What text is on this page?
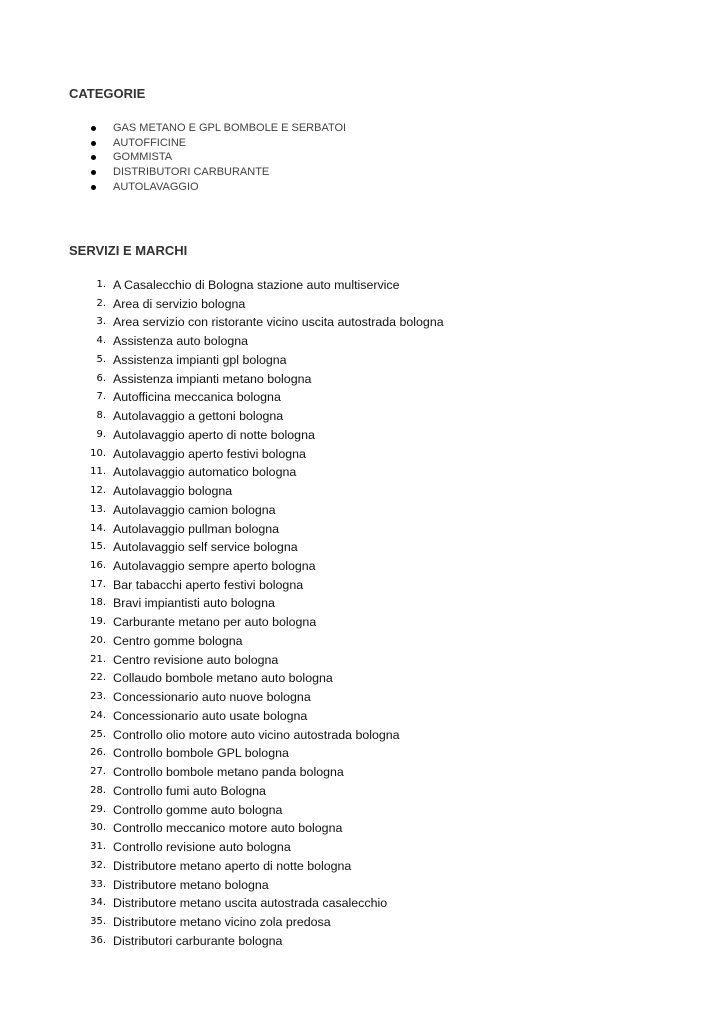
CATEGORIE
GAS METANO E GPL BOMBOLE E SERBATOI
AUTOFFICINE
GOMMISTA
DISTRIBUTORI CARBURANTE
AUTOLAVAGGIO
SERVIZI E MARCHI
1. A Casalecchio di Bologna stazione auto multiservice
2. Area di servizio bologna
3. Area servizio con ristorante vicino uscita autostrada bologna
4. Assistenza auto bologna
5. Assistenza impianti gpl bologna
6. Assistenza impianti metano bologna
7. Autofficina meccanica bologna
8. Autolavaggio a gettoni bologna
9. Autolavaggio aperto di notte bologna
10. Autolavaggio aperto festivi bologna
11. Autolavaggio automatico bologna
12. Autolavaggio bologna
13. Autolavaggio camion bologna
14. Autolavaggio pullman bologna
15. Autolavaggio self service bologna
16. Autolavaggio sempre aperto bologna
17. Bar tabacchi aperto festivi bologna
18. Bravi impiantisti auto bologna
19. Carburante metano per auto bologna
20. Centro gomme bologna
21. Centro revisione auto bologna
22. Collaudo bombole metano auto bologna
23. Concessionario auto nuove bologna
24. Concessionario auto usate bologna
25. Controllo olio motore auto vicino autostrada bologna
26. Controllo bombole GPL bologna
27. Controllo bombole metano panda bologna
28. Controllo fumi auto Bologna
29. Controllo gomme auto bologna
30. Controllo meccanico motore auto bologna
31. Controllo revisione auto bologna
32. Distributore metano aperto di notte bologna
33. Distributore metano bologna
34. Distributore metano uscita autostrada casalecchio
35. Distributore metano vicino zola predosa
36. Distributori carburante bologna
